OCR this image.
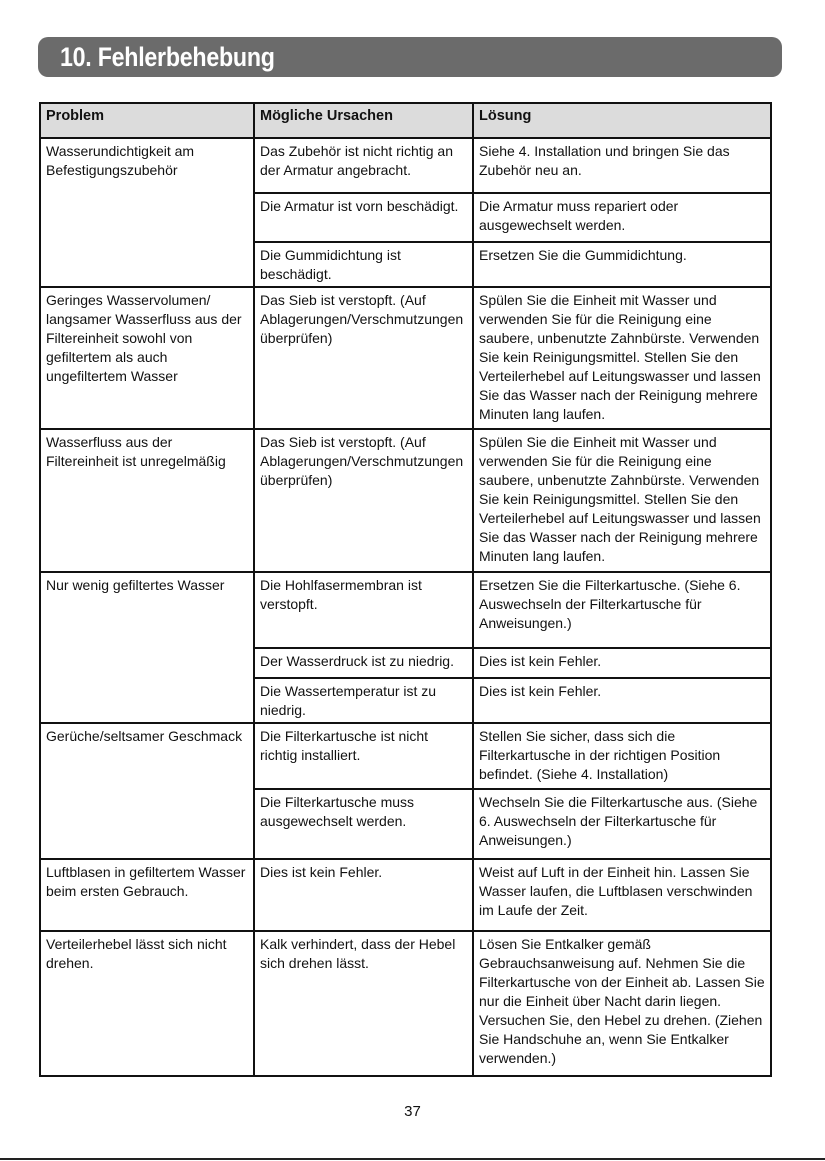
10. Fehlerbehebung
Problem	Mögliche Ursachen	Lösung
Wasserundichtigkeit am Befestigungszubehör	Das Zubehör ist nicht richtig an der Armatur angebracht.	Siehe 4. Installation und bringen Sie das Zubehör neu an.
	Die Armatur ist vorn beschädigt.	Die Armatur muss repariert oder ausgewechselt werden.
	Die Gummidichtung ist beschädigt.	Ersetzen Sie die Gummidichtung.
Geringes Wasservolumen/ langsamer Wasserfluss aus der Filtereinheit sowohl von gefiltertem als auch ungefiltertem Wasser	Das Sieb ist verstopft. (Auf Ablagerungen/Verschmutzungen überprüfen)	Spülen Sie die Einheit mit Wasser und verwenden Sie für die Reinigung eine saubere, unbenutzte Zahnbürste. Verwenden Sie kein Reinigungsmittel. Stellen Sie den Verteilerhebel auf Leitungswasser und lassen Sie das Wasser nach der Reinigung mehrere Minuten lang laufen.
Wasserfluss aus der Filtereinheit ist unregelmäßig	Das Sieb ist verstopft. (Auf Ablagerungen/Verschmutzungen überprüfen)	Spülen Sie die Einheit mit Wasser und verwenden Sie für die Reinigung eine saubere, unbenutzte Zahnbürste. Verwenden Sie kein Reinigungsmittel. Stellen Sie den Verteilerhebel auf Leitungswasser und lassen Sie das Wasser nach der Reinigung mehrere Minuten lang laufen.
Nur wenig gefiltertes Wasser	Die Hohlfasermembran ist verstopft.	Ersetzen Sie die Filterkartusche. (Siehe 6. Auswechseln der Filterkartusche für Anweisungen.)
	Der Wasserdruck ist zu niedrig.	Dies ist kein Fehler.
	Die Wassertemperatur ist zu niedrig.	Dies ist kein Fehler.
Gerüche/seltsamer Geschmack	Die Filterkartusche ist nicht richtig installiert.	Stellen Sie sicher, dass sich die Filterkartusche in der richtigen Position befindet. (Siehe 4. Installation)
	Die Filterkartusche muss ausgewechselt werden.	Wechseln Sie die Filterkartusche aus. (Siehe 6. Auswechseln der Filterkartusche für Anweisungen.)
Luftblasen in gefiltertem Wasser beim ersten Gebrauch.	Dies ist kein Fehler.	Weist auf Luft in der Einheit hin. Lassen Sie Wasser laufen, die Luftblasen verschwinden im Laufe der Zeit.
Verteilerhebel lässt sich nicht drehen.	Kalk verhindert, dass der Hebel sich drehen lässt.	Lösen Sie Entkalker gemäß Gebrauchsanweisung auf. Nehmen Sie die Filterkartusche von der Einheit ab. Lassen Sie nur die Einheit über Nacht darin liegen. Versuchen Sie, den Hebel zu drehen. (Ziehen Sie Handschuhe an, wenn Sie Entkalker verwenden.)
37
